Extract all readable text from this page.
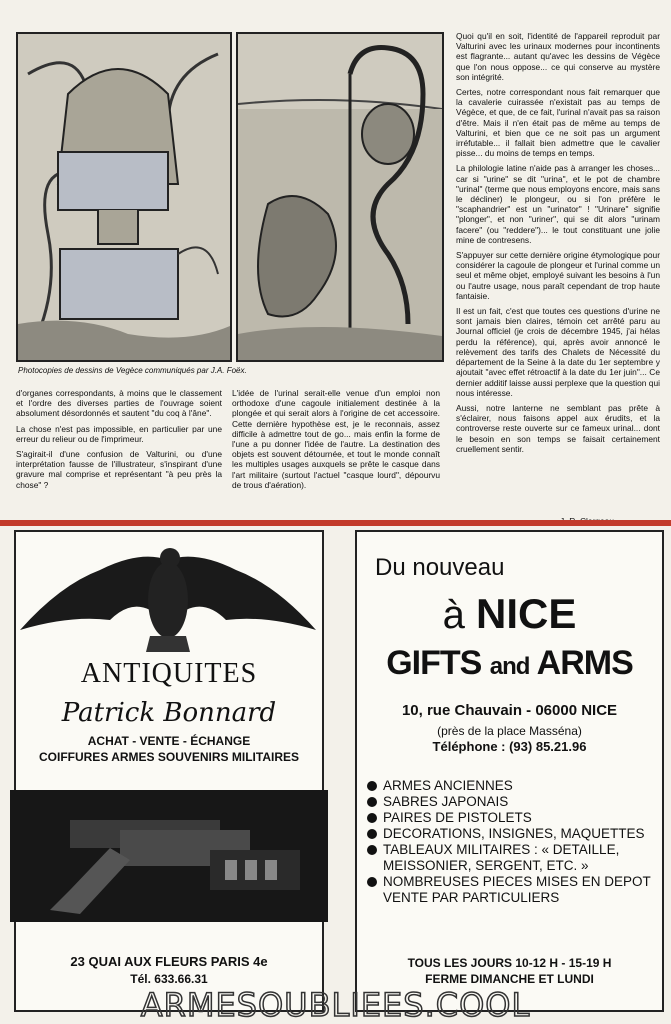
Photocopies de dessins de Vegèce communiqués par J.A. Foëx.

Quoi qu'il en soit, l'identité de l'appareil reproduit par Valturini avec les urinaux modernes pour incontinents est flagrante... autant qu'avec les dessins de Végèce que l'on nous oppose... ce qui conserve au mystère son intégrité.

Certes, notre correspondant nous fait remarquer que la cavalerie cuirassée n'existait pas au temps de Végèce, et que, de ce fait, l'urinal n'avait pas sa raison d'être. Mais il n'en était pas de même au temps de Valturini, et bien que ce ne soit pas un argument irréfutable... il fallait bien admettre que le cavalier pisse... du moins de temps en temps.

La philologie latine n'aide pas à arranger les choses... car si "urine" se dit "urina", et le pot de chambre "urinal" (terme que nous employons encore, mais sans le décliner) le plongeur, ou si l'on préfère le "scaphandrier" est un "urinator" ! "Urinare" signifie "plonger", et non "uriner", qui se dit alors "urinam facere" (ou "reddere")... le tout constituant une jolie mine de contresens.

S'appuyer sur cette dernière origine étymologique pour considérer la cagoule de plongeur et l'urinal comme un seul et même objet, employé suivant les besoins à l'un ou l'autre usage, nous paraît cependant de trop haute fantaisie.

Il est un fait, c'est que toutes ces questions d'urine ne sont jamais bien claires, témoin cet arrêté paru au Journal officiel (je crois de décembre 1945, j'ai hélas perdu la référence), qui, après avoir annoncé le relèvement des tarifs des Chalets de Nécessité du département de la Seine à la date du 1er septembre y ajoutait "avec effet rétroactif à la date du 1er juin"... Ce dernier additif laisse aussi perplexe que la question qui nous intéresse.

Aussi, notre lanterne ne semblant pas prête à s'éclairer, nous faisons appel aux érudits, et la controverse reste ouverte sur ce fameux urinal... dont le besoin en son temps se faisait certainement cruellement sentir.

d'organes correspondants, à moins que le classement et l'ordre des diverses parties de l'ouvrage soient absolument désordonnés et sautent "du coq à l'âne".

La chose n'est pas impossible, en particulier par une erreur du relieur ou de l'imprimeur.

S'agirait-il d'une confusion de Valturini, ou d'une interprétation fausse de l'illustrateur, s'inspirant d'une gravure mal comprise et représentant "à peu près la chose" ?

L'idée de l'urinal serait-elle venue d'un emploi non orthodoxe d'une cagoule initialement destinée à la plongée et qui serait alors à l'origine de cet accessoire. Cette dernière hypothèse est, je le reconnais, assez difficile à admettre tout de go... mais enfin la forme de l'une a pu donner l'idée de l'autre. La destination des objets est souvent détournée, et tout le monde connaît les multiples usages auxquels se prête le casque dans l'art militaire (surtout l'actuel "casque lourd", dépourvu de trous d'aération).

ANTIQUITES
Patrick Bonnard
ACHAT - VENTE - ÉCHANGE
COIFFURES ARMES SOUVENIRS MILITAIRES
23 QUAI AUX FLEURS PARIS 4e
Tél. 633.66.31
Du nouveau
à NICE
GIFTS and ARMS
10, rue Chauvain - 06000 NICE
(près de la place Masséna)
Téléphone : (93) 85.21.96
ARMES ANCIENNES
SABRES JAPONAIS
PAIRES DE PISTOLETS
DECORATIONS, INSIGNES, MAQUETTES
TABLEAUX MILITAIRES : « DETAILLE, MEISSONIER, SERGENT, ETC. »
NOMBREUSES PIECES MISES EN DEPOT VENTE PAR PARTICULIERS
TOUS LES JOURS 10-12 H - 15-19 H
FERME DIMANCHE ET LUNDI
ARMESOUBLIEES.COOL
